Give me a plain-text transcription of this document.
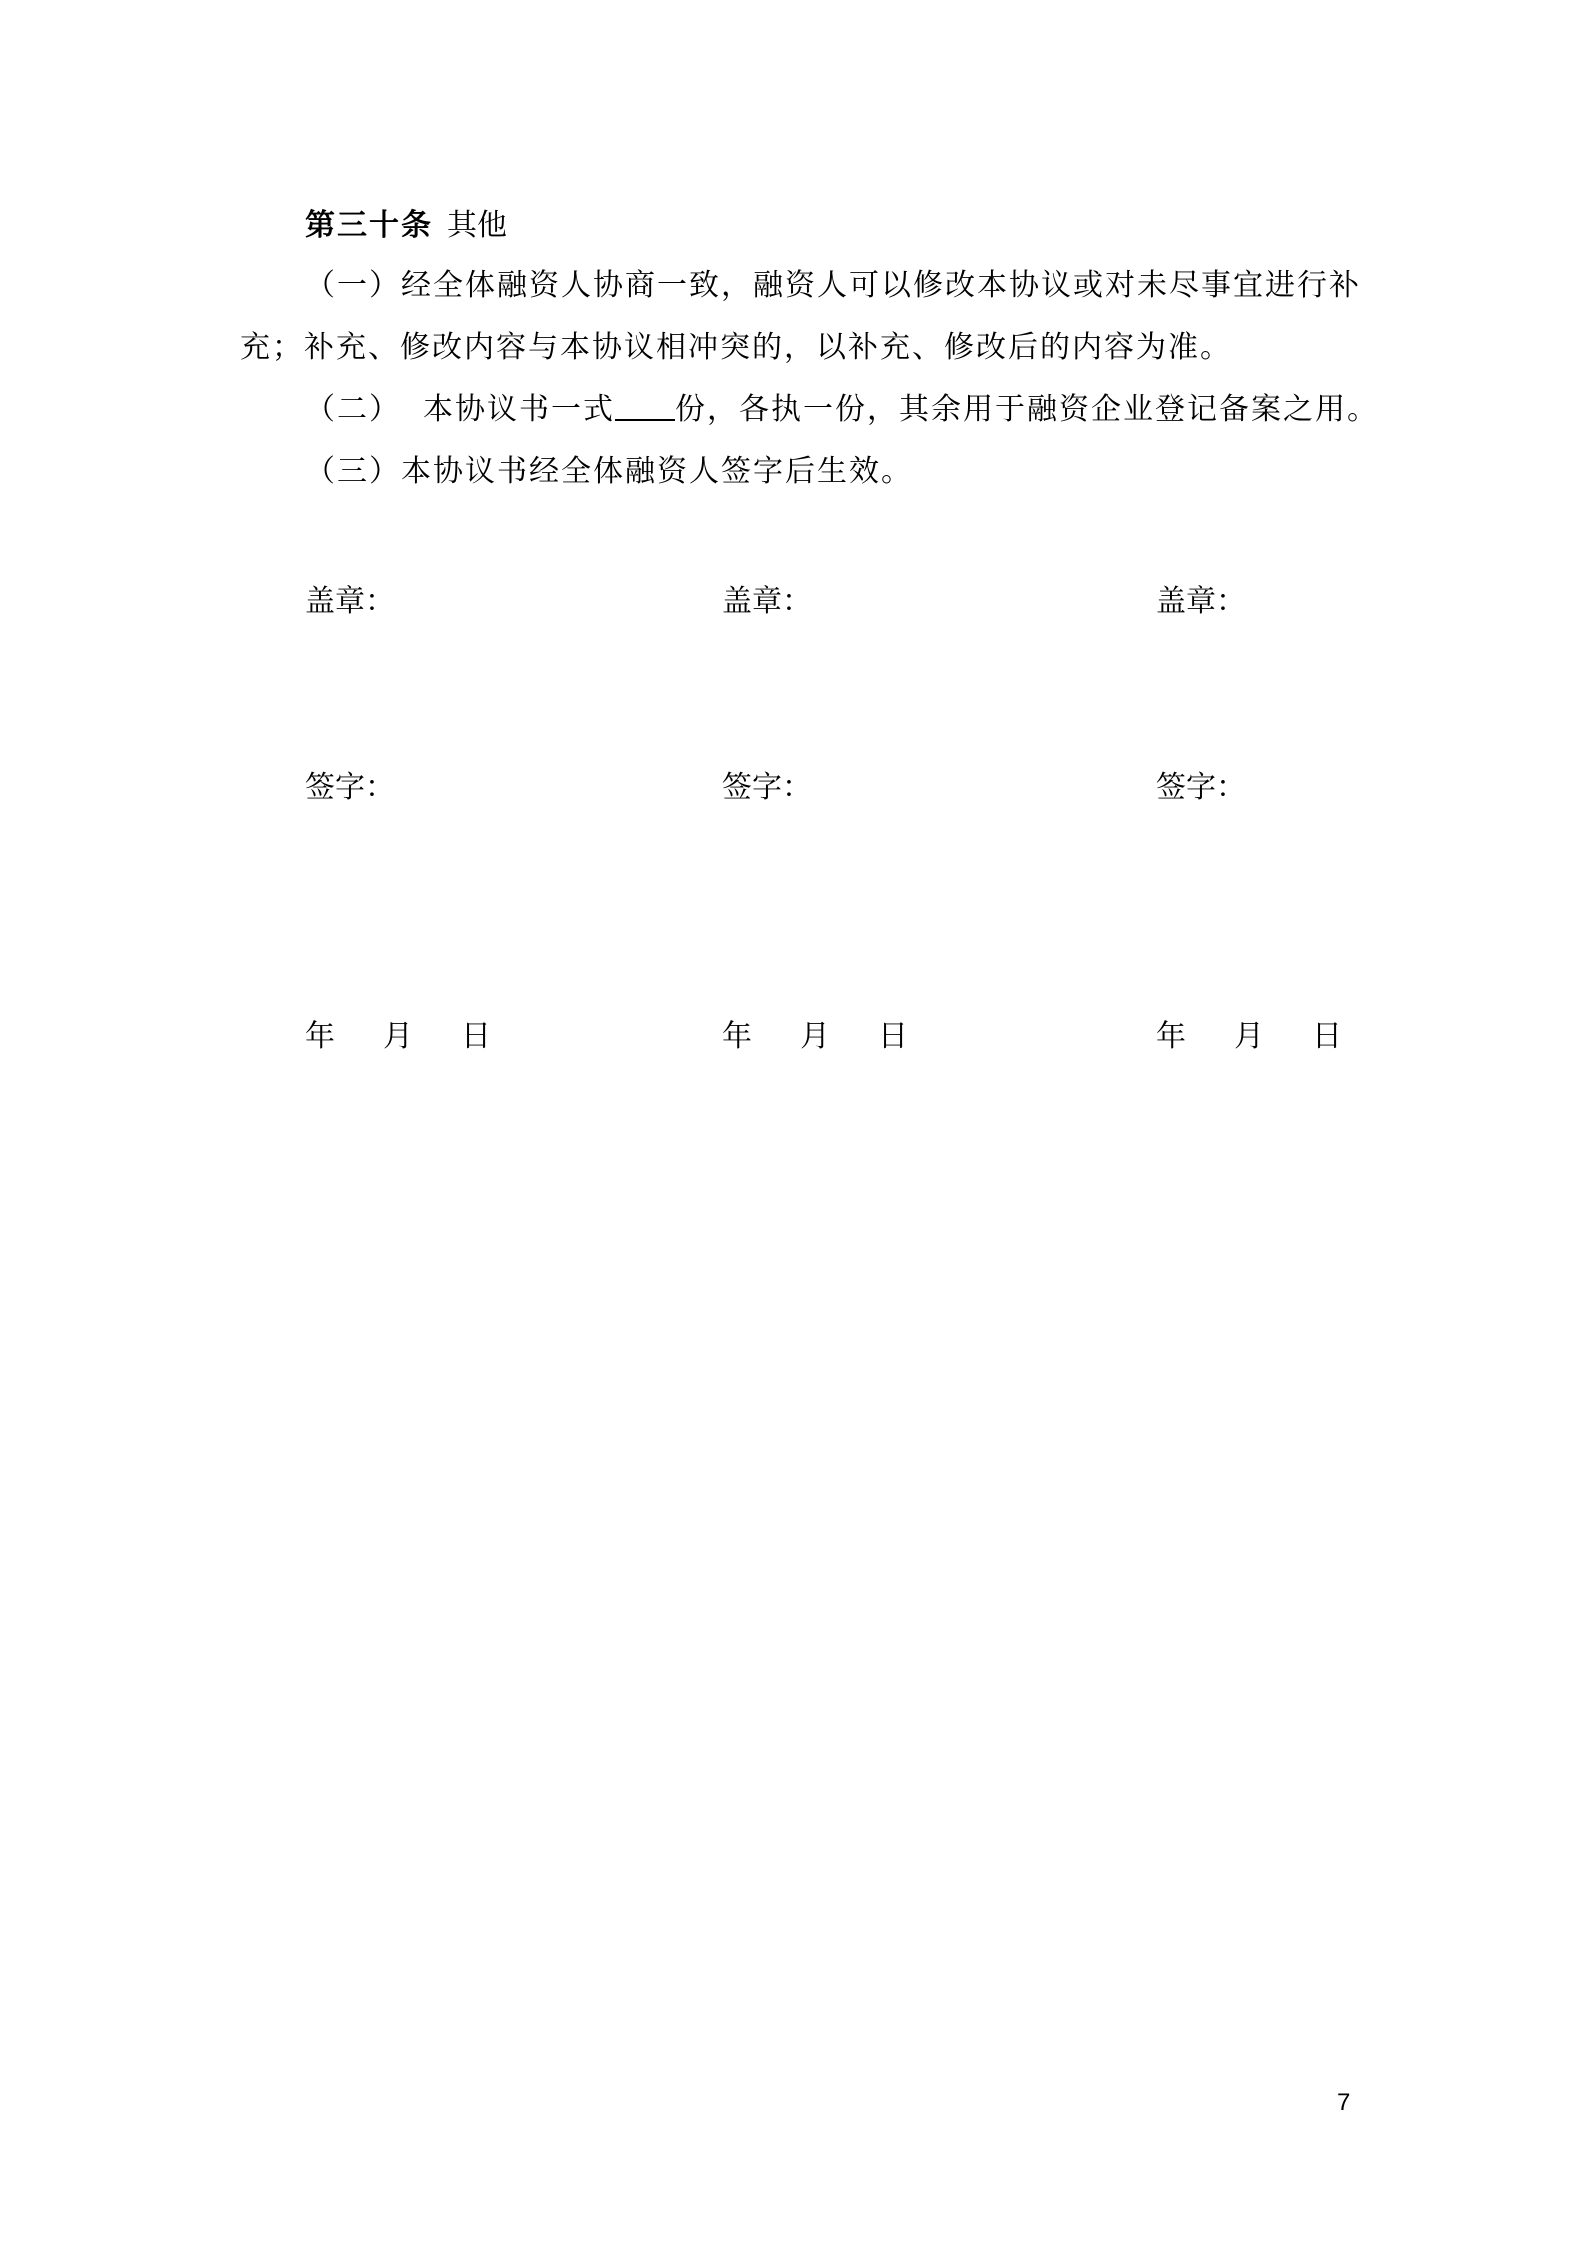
第三十条 其他
（一）经全体融资人协商一致，融资人可以修改本协议或对未尽事宜进行补
充；补充、修改内容与本协议相冲突的，以补充、修改后的内容为准。
（二） 本协议书一式 份，各执一份，其余用于融资企业登记备案之用。
（三）本协议书经全体融资人签字后生效。
盖章：
签字：
年 月 日
盖章：
签字：
年 月 日
盖章：
签字：
年 月 日
7
